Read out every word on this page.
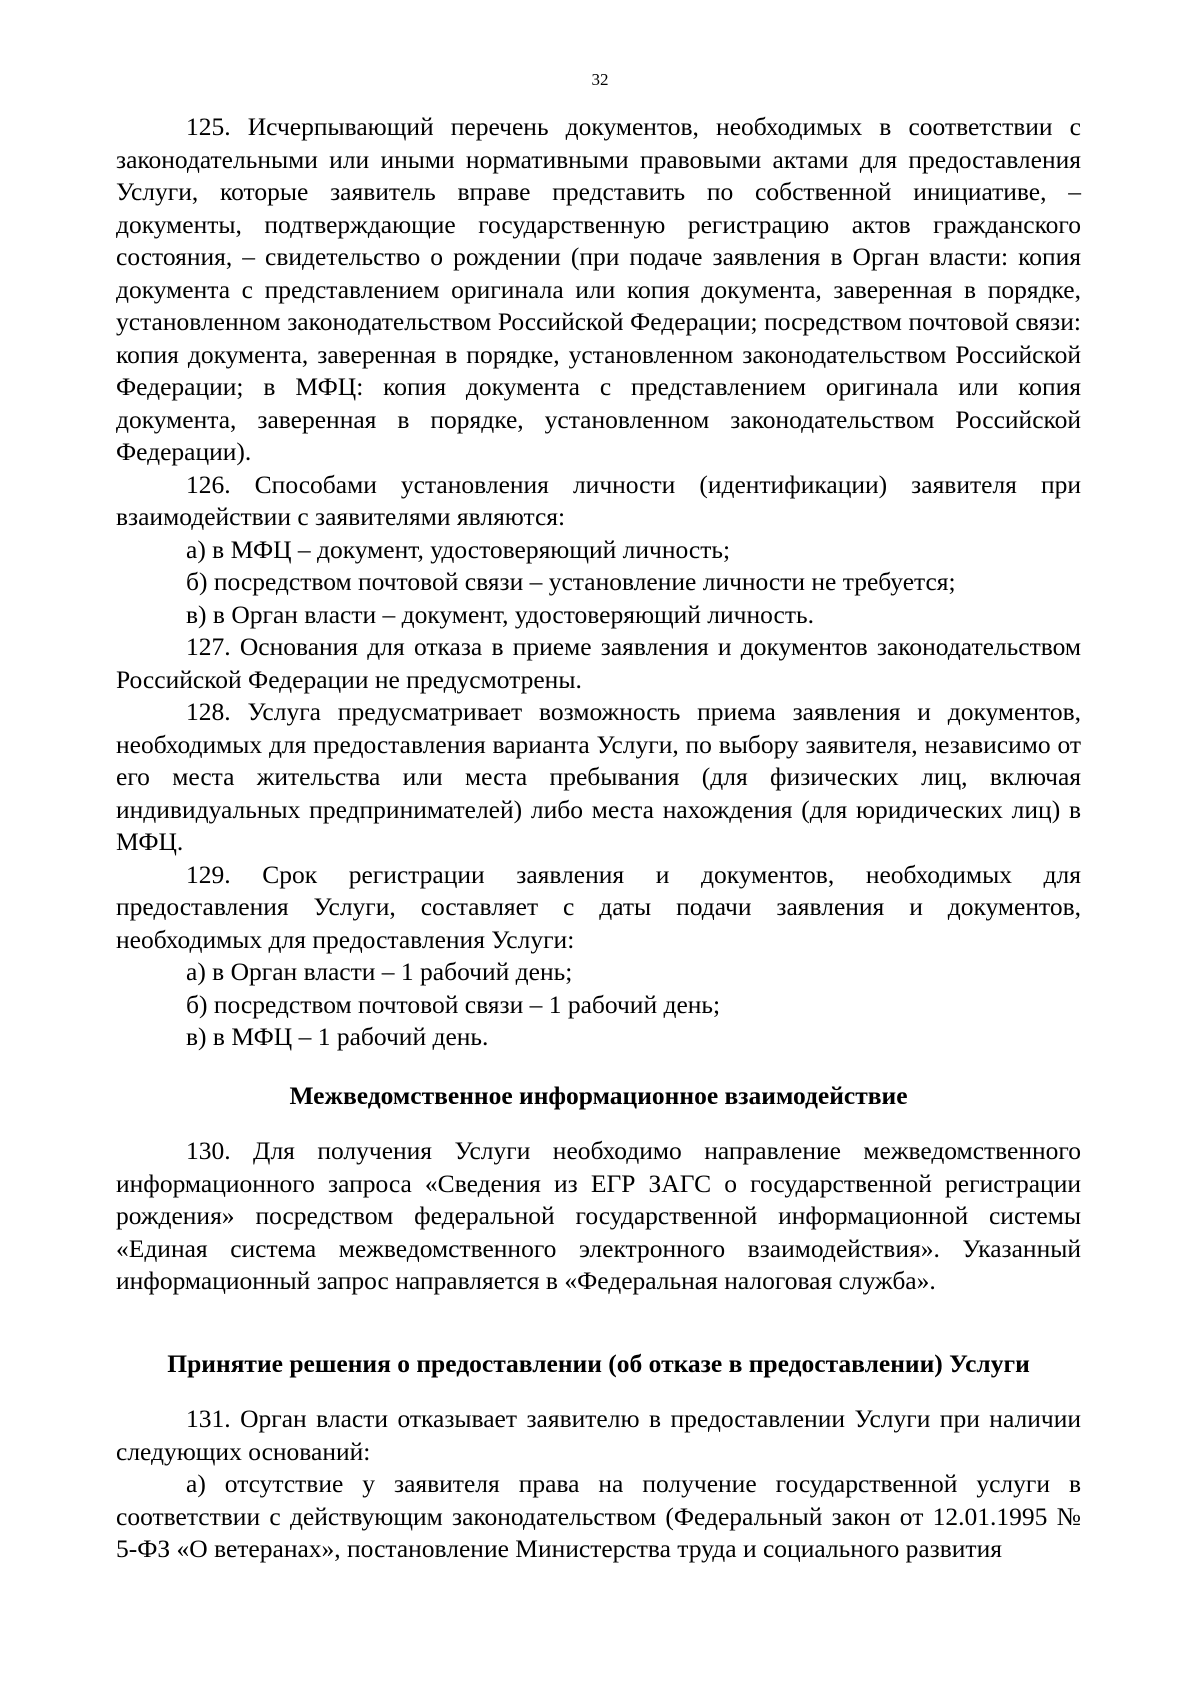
32

125. Исчерпывающий перечень документов, необходимых в соответствии с законодательными или иными нормативными правовыми актами для предоставления Услуги, которые заявитель вправе представить по собственной инициативе, – документы, подтверждающие государственную регистрацию актов гражданского состояния, – свидетельство о рождении (при подаче заявления в Орган власти: копия документа с представлением оригинала или копия документа, заверенная в порядке, установленном законодательством Российской Федерации; посредством почтовой связи: копия документа, заверенная в порядке, установленном законодательством Российской Федерации; в МФЦ: копия документа с представлением оригинала или копия документа, заверенная в порядке, установленном законодательством Российской Федерации).

126. Способами установления личности (идентификации) заявителя при взаимодействии с заявителями являются:

а) в МФЦ – документ, удостоверяющий личность;

б) посредством почтовой связи – установление личности не требуется;

в) в Орган власти – документ, удостоверяющий личность.

127. Основания для отказа в приеме заявления и документов законодательством Российской Федерации не предусмотрены.

128. Услуга предусматривает возможность приема заявления и документов, необходимых для предоставления варианта Услуги, по выбору заявителя, независимо от его места жительства или места пребывания (для физических лиц, включая индивидуальных предпринимателей) либо места нахождения (для юридических лиц) в МФЦ.

129. Срок регистрации заявления и документов, необходимых для предоставления Услуги, составляет с даты подачи заявления и документов, необходимых для предоставления Услуги:

а) в Орган власти – 1 рабочий день;

б) посредством почтовой связи – 1 рабочий день;

в) в МФЦ – 1 рабочий день.

Межведомственное информационное взаимодействие

130. Для получения Услуги необходимо направление межведомственного информационного запроса «Сведения из ЕГР ЗАГС о государственной регистрации рождения» посредством федеральной государственной информационной системы «Единая система межведомственного электронного взаимодействия». Указанный информационный запрос направляется в «Федеральная налоговая служба».

Принятие решения о предоставлении (об отказе в предоставлении) Услуги

131. Орган власти отказывает заявителю в предоставлении Услуги при наличии следующих оснований:

а) отсутствие у заявителя права на получение государственной услуги в соответствии с действующим законодательством (Федеральный закон от 12.01.1995 № 5-ФЗ «О ветеранах», постановление Министерства труда и социального развития
